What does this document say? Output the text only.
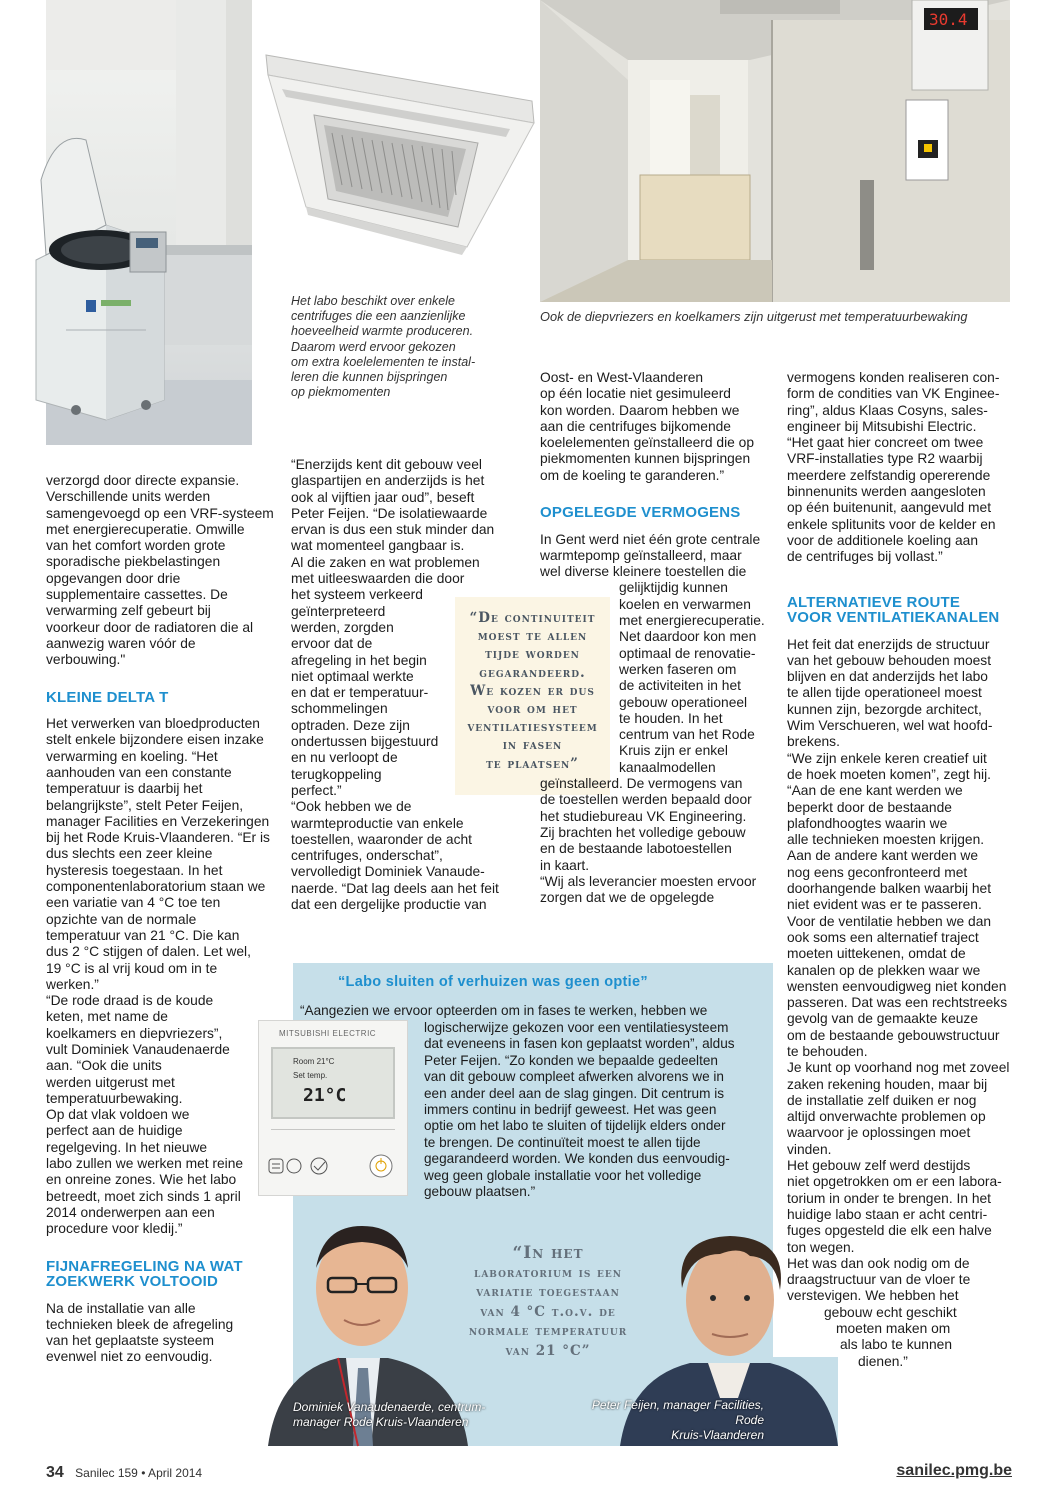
30.4
Het labo beschikt over enkele
centrifuges die een aanzienlijke
hoeveelheid warmte produceren.
Daarom werd ervoor gekozen
om extra koelelementen te instal-
leren die kunnen bijspringen
op piekmomenten
Ook de diepvriezers en koelkamers zijn uitgerust met temperatuurbewaking
verzorgd door directe expansie.
Verschillende units werden
samengevoegd op een VRF-systeem
met energierecuperatie. Omwille
van het comfort worden grote
sporadische piekbelastingen
opgevangen door drie
supplementaire cassettes. De
verwarming zelf gebeurt bij
voorkeur door de radiatoren die al
aanwezig waren vóór de
verbouwing."
KLEINE DELTA T
Het verwerken van bloedproducten
stelt enkele bijzondere eisen inzake
verwarming en koeling. “Het
aanhouden van een constante
temperatuur is daarbij het
belangrijkste”, stelt Peter Feijen,
manager Facilities en Verzekeringen
bij het Rode Kruis-Vlaanderen. “Er is
dus slechts een zeer kleine
hysteresis toegestaan. In het
componentenlaboratorium staan we
een variatie van 4 °C toe ten
opzichte van de normale
temperatuur van 21 °C. Die kan
dus 2 °C stijgen of dalen. Let wel,
19 °C is al vrij koud om in te
werken.”
“De rode draad is de koude
keten, met name de
koelkamers en diepvriezers”,
vult Dominiek Vanaudenaerde
aan. “Ook die units
werden uitgerust met
temperatuurbewaking.
Op dat vlak voldoen we
perfect aan de huidige
regelgeving. In het nieuwe
labo zullen we werken met reine
en onreine zones. Wie het labo
betreedt, moet zich sinds 1 april
2014 onderwerpen aan een
procedure voor kledij.”
FIJNAFREGELING NA WAT
ZOEKWERK VOLTOOID
Na de installatie van alle
technieken bleek de afregeling
van het geplaatste systeem
evenwel niet zo eenvoudig.
“Enerzijds kent dit gebouw veel
glaspartijen en anderzijds is het
ook al vijftien jaar oud”, beseft
Peter Feijen. “De isolatiewaarde
ervan is dus een stuk minder dan
wat momenteel gangbaar is.
Al die zaken en wat problemen
met uitleeswaarden die door
het systeem verkeerd
geïnterpreteerd
werden, zorgden
ervoor dat de
afregeling in het begin
niet optimaal werkte
en dat er temperatuur-
schommelingen
optraden. Deze zijn
ondertussen bijgestuurd
en nu verloopt de
terugkoppeling
perfect.”
“Ook hebben we de
warmteproductie van enkele
toestellen, waaronder de acht
centrifuges, onderschat”,
vervolledigt Dominiek Vanaude-
naerde. “Dat lag deels aan het feit
dat een dergelijke productie van
“De continuiteit
moest te allen
tijde worden
gegarandeerd.
We kozen er dus
voor om het
ventilatiesysteem
in fasen
te plaatsen”
Oost- en West-Vlaanderen
op één locatie niet gesimuleerd
kon worden. Daarom hebben we
aan die centrifuges bijkomende
koelelementen geïnstalleerd die op
piekmomenten kunnen bijspringen
om de koeling te garanderen.”
OPGELEGDE VERMOGENS
In Gent werd niet één grote centrale
warmtepomp geïnstalleerd, maar
wel diverse kleinere toestellen die
gelijktijdig kunnen
koelen en verwarmen
met energierecuperatie.
Net daardoor kon men
optimaal de renovatie-
werken faseren om
de activiteiten in het
gebouw operationeel
te houden. In het
centrum van het Rode
Kruis zijn er enkel
kanaalmodellen
geïnstalleerd. De vermogens van
de toestellen werden bepaald door
het studiebureau VK Engineering.
Zij brachten het volledige gebouw
en de bestaande labotoestellen
in kaart.
“Wij als leverancier moesten ervoor
zorgen dat we de opgelegde
vermogens konden realiseren con-
form de condities van VK Enginee-
ring”, aldus Klaas Cosyns, sales-
engineer bij Mitsubishi Electric.
“Het gaat hier concreet om twee
VRF-installaties type R2 waarbij
meerdere zelfstandig opererende
binnenunits werden aangesloten
op één buitenunit, aangevuld met
enkele splitunits voor de kelder en
voor de additionele koeling aan
de centrifuges bij vollast.”
ALTERNATIEVE ROUTE
VOOR VENTILATIEKANALEN
Het feit dat enerzijds de structuur
van het gebouw behouden moest
blijven en dat anderzijds het labo
te allen tijde operationeel moest
kunnen zijn, bezorgde architect,
Wim Verschueren, wel wat hoofd-
brekens.
“We zijn enkele keren creatief uit
de hoek moeten komen”, zegt hij.
“Aan de ene kant werden we
beperkt door de bestaande
plafondhoogtes waarin we
alle technieken moesten krijgen.
Aan de andere kant werden we
nog eens geconfronteerd met
doorhangende balken waarbij het
niet evident was er te passeren.
Voor de ventilatie hebben we dan
ook soms een alternatief traject
moeten uittekenen, omdat de
kanalen op de plekken waar we
wensten eenvoudigweg niet konden
passeren. Dat was een rechtstreeks
gevolg van de gemaakte keuze
om de bestaande gebouwstructuur
te behouden.
Je kunt op voorhand nog met zoveel
zaken rekening houden, maar bij
de installatie zelf duiken er nog
altijd onverwachte problemen op
waarvoor je oplossingen moet
vinden.
Het gebouw zelf werd destijds
niet opgetrokken om er een labora-
torium in onder te brengen. In het
huidige labo staan er acht centri-
fuges opgesteld die elk een halve
ton wegen.
Het was dan ook nodig om de
draagstructuur van de vloer te
verstevigen. We hebben het
gebouw echt geschikt
moeten maken om
als labo te kunnen
dienen.”
“Labo sluiten of verhuizen was geen optie”
“Aangezien we ervoor opteerden om in fases te werken, hebben we
logischerwijze gekozen voor een ventilatiesysteem
dat eveneens in fasen kon geplaatst worden”, aldus
Peter Feijen. “Zo konden we bepaalde gedeelten
van dit gebouw compleet afwerken alvorens we in
een ander deel aan de slag gingen. Dit centrum is
immers continu in bedrijf geweest. Het was geen
optie om het labo te sluiten of tijdelijk elders onder
te brengen. De continuïteit moest te allen tijde
gegarandeerd worden. We konden dus eenvoudig-
weg geen globale installatie voor het volledige
gebouw plaatsen.”
MITSUBISHI ELECTRIC
Room 21°C
Set temp.
21°C
Dominiek Vanaudenaerde, centrum-
manager Rode Kruis-Vlaanderen
Peter Feijen, manager Facilities, Rode
Kruis-Vlaanderen
“In het
laboratorium is een
variatie toegestaan
van 4 °C t.o.v. de
normale temperatuur
van 21 °C”
34 Sanilec 159 • April 2014	sanilec.pmg.be
